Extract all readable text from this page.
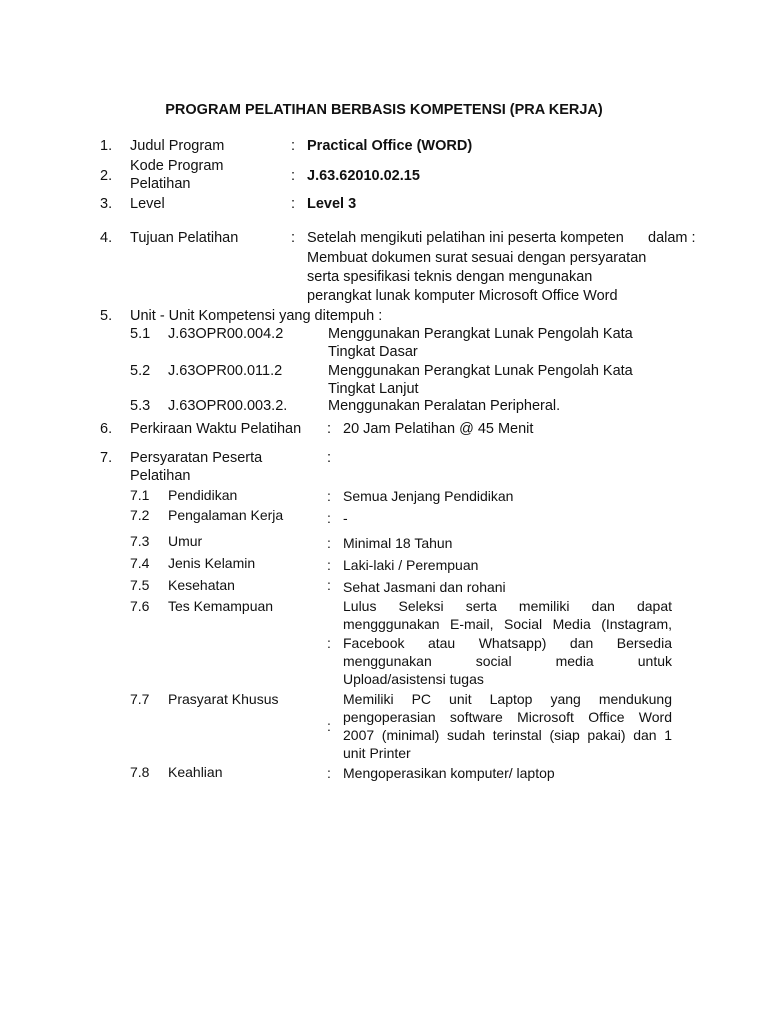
PROGRAM PELATIHAN BERBASIS KOMPETENSI (PRA KERJA)
1. Judul Program	: Practical Office (WORD)
2.
Kode Program
Pelatihan	: J.63.62010.02.15
3. Level	: Level 3
4. Tujuan Pelatihan	: Setelah mengikuti pelatihan ini peserta kompeten dalam :
Membuat dokumen surat sesuai dengan persyaratan
serta spesifikasi teknis dengan mengunakan
perangkat lunak komputer Microsoft Office Word
5. Unit - Unit Kompetensi yang ditempuh :
5.1 J.63OPR00.004.2	Menggunakan Perangkat Lunak Pengolah Kata
Tingkat Dasar
5.2 J.63OPR00.011.2	Menggunakan Perangkat Lunak Pengolah Kata
Tingkat Lanjut
5.3 J.63OPR00.003.2.	Menggunakan Peralatan Peripheral.
6. Perkiraan Waktu Pelatihan : 20 Jam Pelatihan @ 45 Menit
7. Persyaratan Peserta
Pelatihan
:
7.1 Pendidikan	: Semua Jenjang Pendidikan
7.2 Pengalaman Kerja	: -
7.3 Umur	: Minimal 18 Tahun
7.4 Jenis Kelamin	: Laki-laki / Perempuan
7.5 Kesehatan	: Sehat Jasmani dan rohani
7.6 Tes Kemampuan
:
Lulus Seleksi serta memiliki dan dapat
mengggunakan E-mail, Social Media (Instagram,
Facebook atau Whatsapp) dan Bersedia
menggunakan social media untuk
Upload/asistensi tugas
7.7 Prasyarat Khusus
:
Memiliki PC unit Laptop yang mendukung
pengoperasian software Microsoft Office Word
2007 (minimal) sudah terinstal (siap pakai) dan 1
unit Printer
7.8 Keahlian	: Mengoperasikan komputer/ laptop
